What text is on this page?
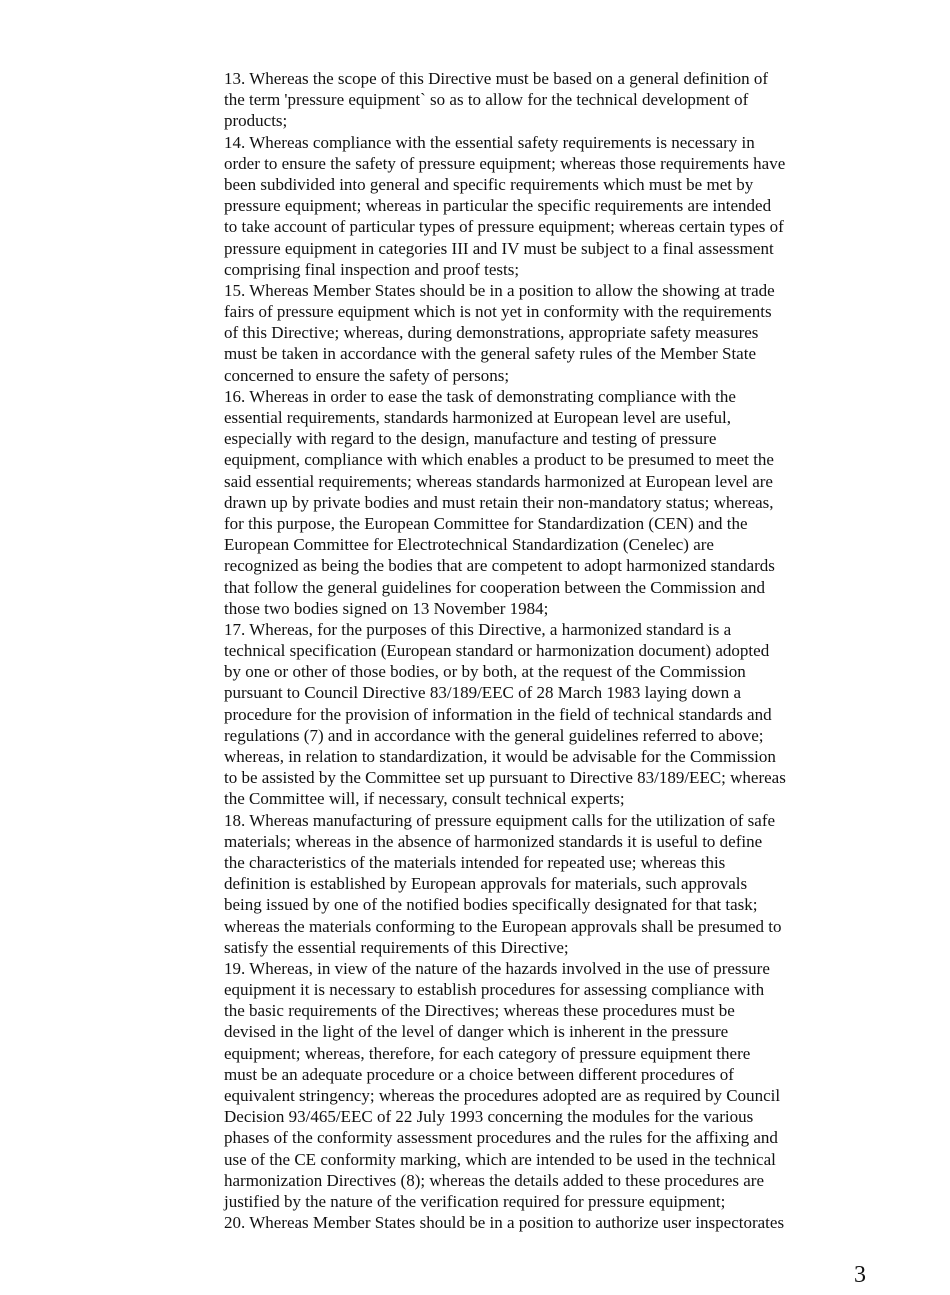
13. Whereas the scope of this Directive must be based on a general definition of
the term 'pressure equipment` so as to allow for the technical development of
products;
14. Whereas compliance with the essential safety requirements is necessary in
order to ensure the safety of pressure equipment; whereas those requirements have
been subdivided into general and specific requirements which must be met by
pressure equipment; whereas in particular the specific requirements are intended
to take account of particular types of pressure equipment; whereas certain types of
pressure equipment in categories III and IV must be subject to a final assessment
comprising final inspection and proof tests;
15. Whereas Member States should be in a position to allow the showing at trade
fairs of pressure equipment which is not yet in conformity with the requirements
of this Directive; whereas, during demonstrations, appropriate safety measures
must be taken in accordance with the general safety rules of the Member State
concerned to ensure the safety of persons;
16. Whereas in order to ease the task of demonstrating compliance with the
essential requirements, standards harmonized at European level are useful,
especially with regard to the design, manufacture and testing of pressure
equipment, compliance with which enables a product to be presumed to meet the
said essential requirements; whereas standards harmonized at European level are
drawn up by private bodies and must retain their non-mandatory status; whereas,
for this purpose, the European Committee for Standardization (CEN) and the
European Committee for Electrotechnical Standardization (Cenelec) are
recognized as being the bodies that are competent to adopt harmonized standards
that follow the general guidelines for cooperation between the Commission and
those two bodies signed on 13 November 1984;
17. Whereas, for the purposes of this Directive, a harmonized standard is a
technical specification (European standard or harmonization document) adopted
by one or other of those bodies, or by both, at the request of the Commission
pursuant to Council Directive 83/189/EEC of 28 March 1983 laying down a
procedure for the provision of information in the field of technical standards and
regulations (7) and in accordance with the general guidelines referred to above;
whereas, in relation to standardization, it would be advisable for the Commission
to be assisted by the Committee set up pursuant to Directive 83/189/EEC; whereas
the Committee will, if necessary, consult technical experts;
18. Whereas manufacturing of pressure equipment calls for the utilization of safe
materials; whereas in the absence of harmonized standards it is useful to define
the characteristics of the materials intended for repeated use; whereas this
definition is established by European approvals for materials, such approvals
being issued by one of the notified bodies specifically designated for that task;
whereas the materials conforming to the European approvals shall be presumed to
satisfy the essential requirements of this Directive;
19. Whereas, in view of the nature of the hazards involved in the use of pressure
equipment it is necessary to establish procedures for assessing compliance with
the basic requirements of the Directives; whereas these procedures must be
devised in the light of the level of danger which is inherent in the pressure
equipment; whereas, therefore, for each category of pressure equipment there
must be an adequate procedure or a choice between different procedures of
equivalent stringency; whereas the procedures adopted are as required by Council
Decision 93/465/EEC of 22 July 1993 concerning the modules for the various
phases of the conformity assessment procedures and the rules for the affixing and
use of the CE conformity marking, which are intended to be used in the technical
harmonization Directives (8); whereas the details added to these procedures are
justified by the nature of the verification required for pressure equipment;
20. Whereas Member States should be in a position to authorize user inspectorates
3
